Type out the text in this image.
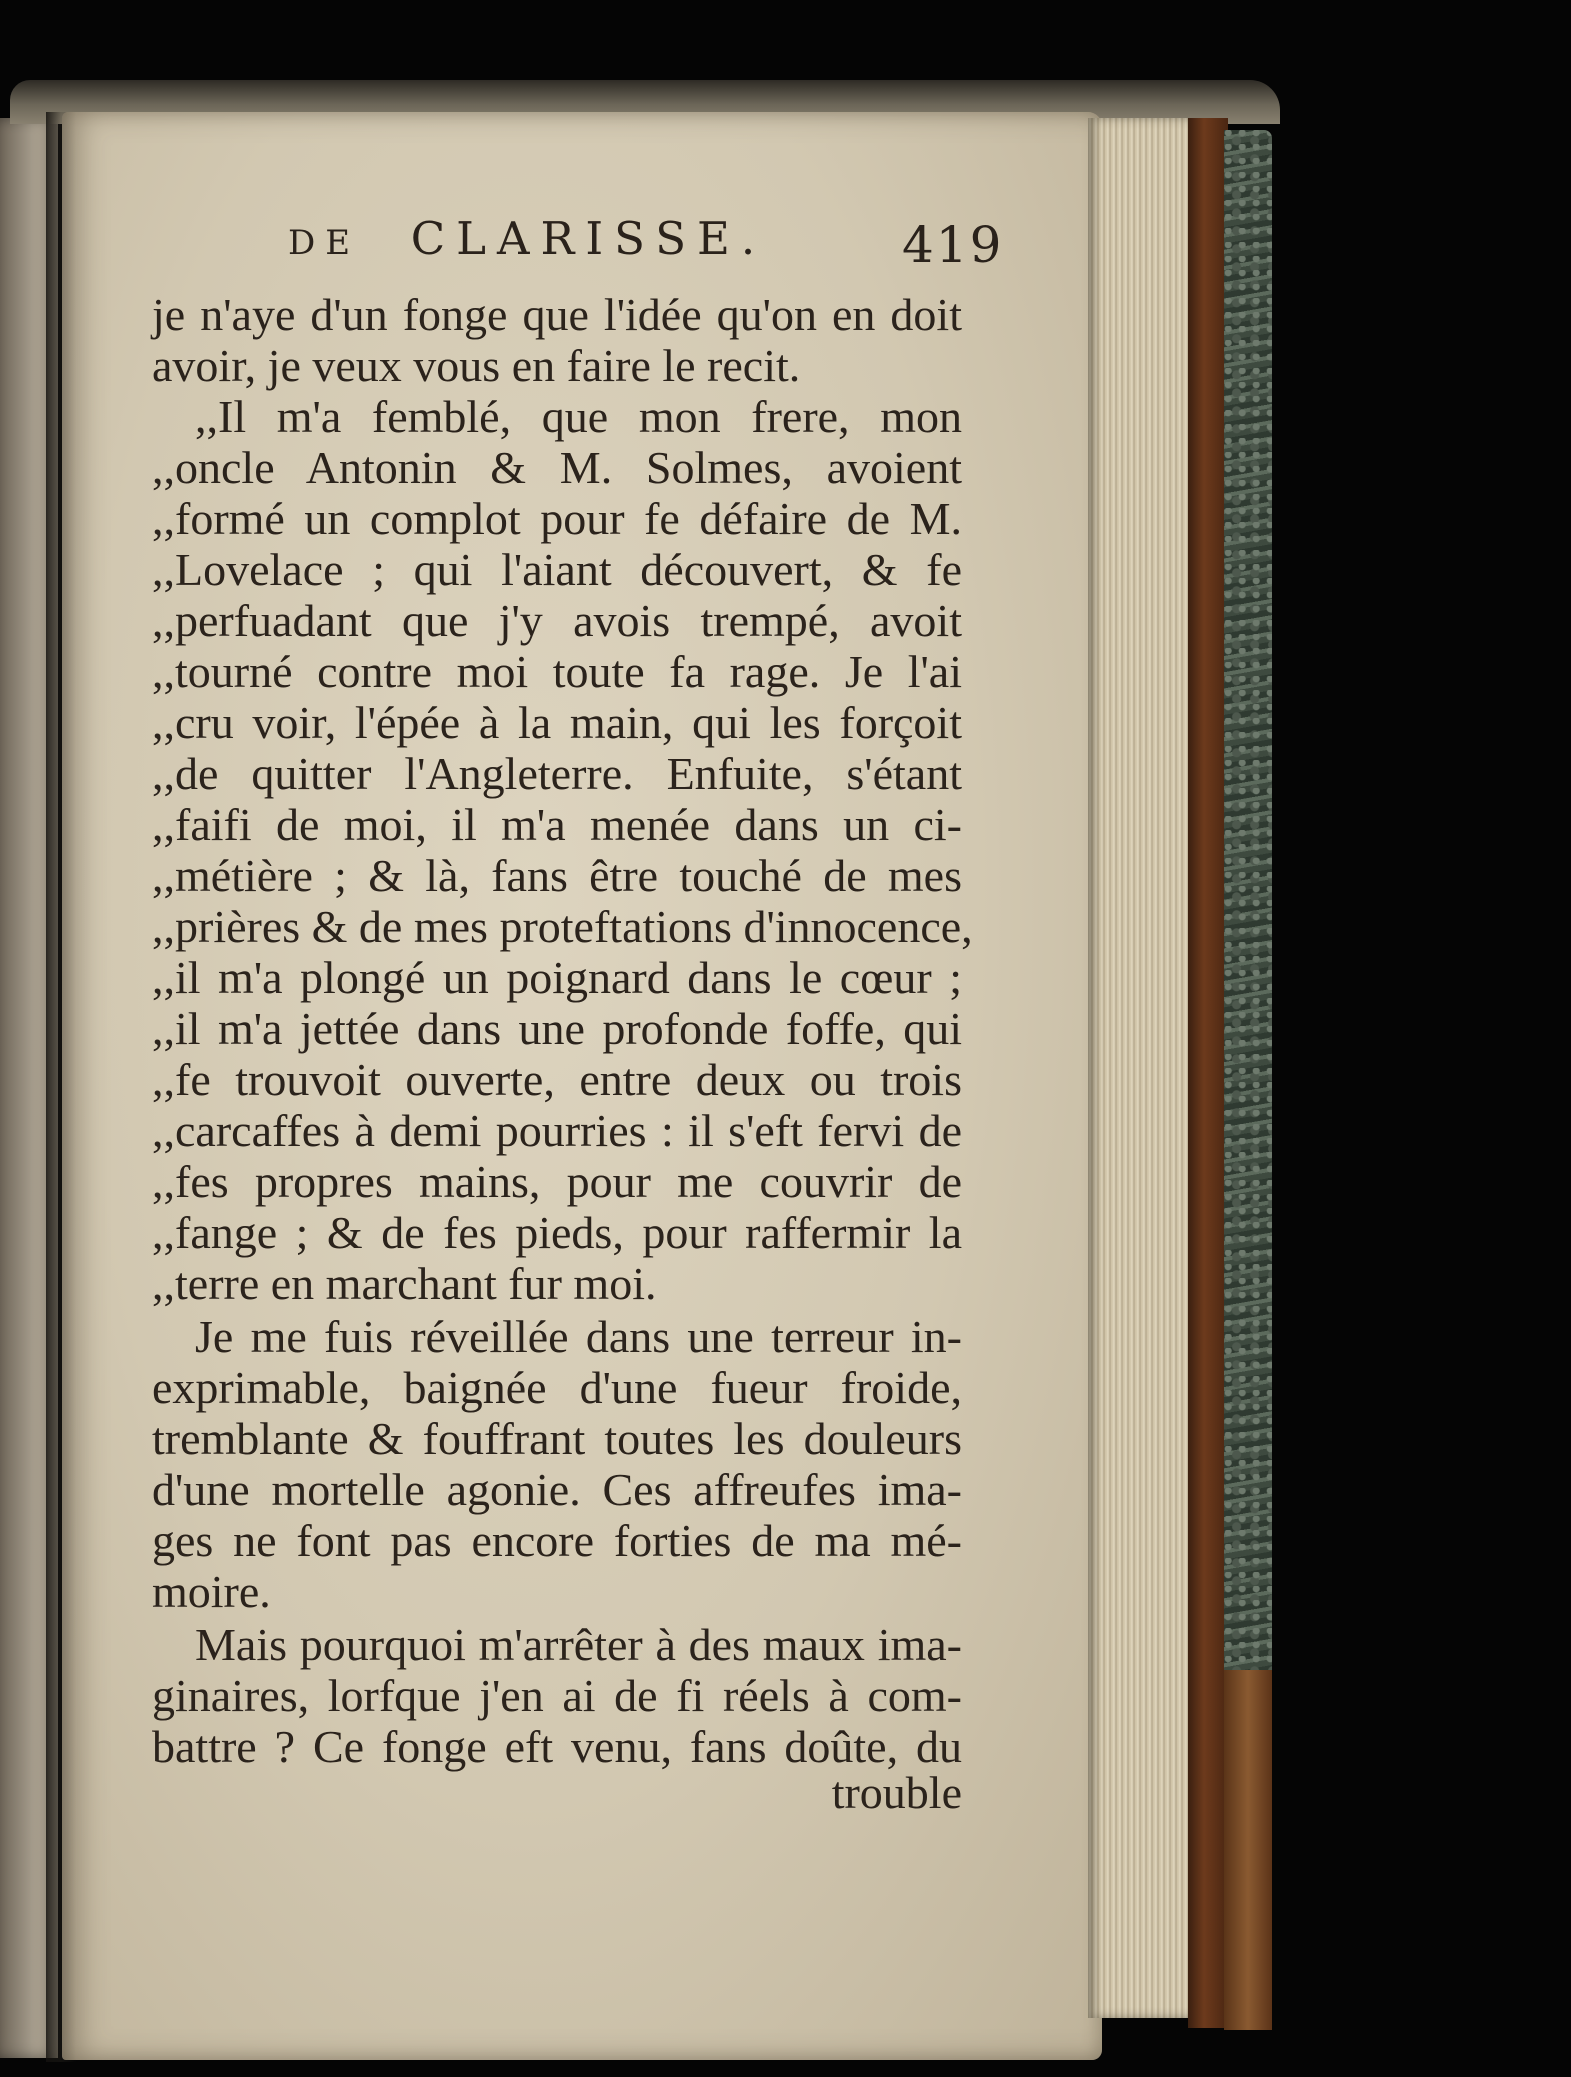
DE CLARISSE.	419
je n'aye d'un fonge que l'idée qu'on en doit
avoir, je veux vous en faire le recit.
,,Il m'a femblé, que mon frere, mon
,,oncle Antonin & M. Solmes, avoient
,,formé un complot pour fe défaire de M.
,,Lovelace ; qui l'aiant découvert, & fe
,,perfuadant que j'y avois trempé, avoit
,,tourné contre moi toute fa rage. Je l'ai
,,cru voir, l'épée à la main, qui les forçoit
,,de quitter l'Angleterre. Enfuite, s'étant
,,faifi de moi, il m'a menée dans un ci-
,,métière ; & là, fans être touché de mes
,,prières & de mes proteftations d'innocence,
,,il m'a plongé un poignard dans le cœur ;
,,il m'a jettée dans une profonde foffe, qui
,,fe trouvoit ouverte, entre deux ou trois
,,carcaffes à demi pourries : il s'eft fervi de
,,fes propres mains, pour me couvrir de
,,fange ; & de fes pieds, pour raffermir la
,,terre en marchant fur moi.
Je me fuis réveillée dans une terreur in-
exprimable, baignée d'une fueur froide,
tremblante & fouffrant toutes les douleurs
d'une mortelle agonie. Ces affreufes ima-
ges ne font pas encore forties de ma mé-
moire.
Mais pourquoi m'arrêter à des maux ima-
ginaires, lorfque j'en ai de fi réels à com-
battre ? Ce fonge eft venu, fans doûte, du
trouble
